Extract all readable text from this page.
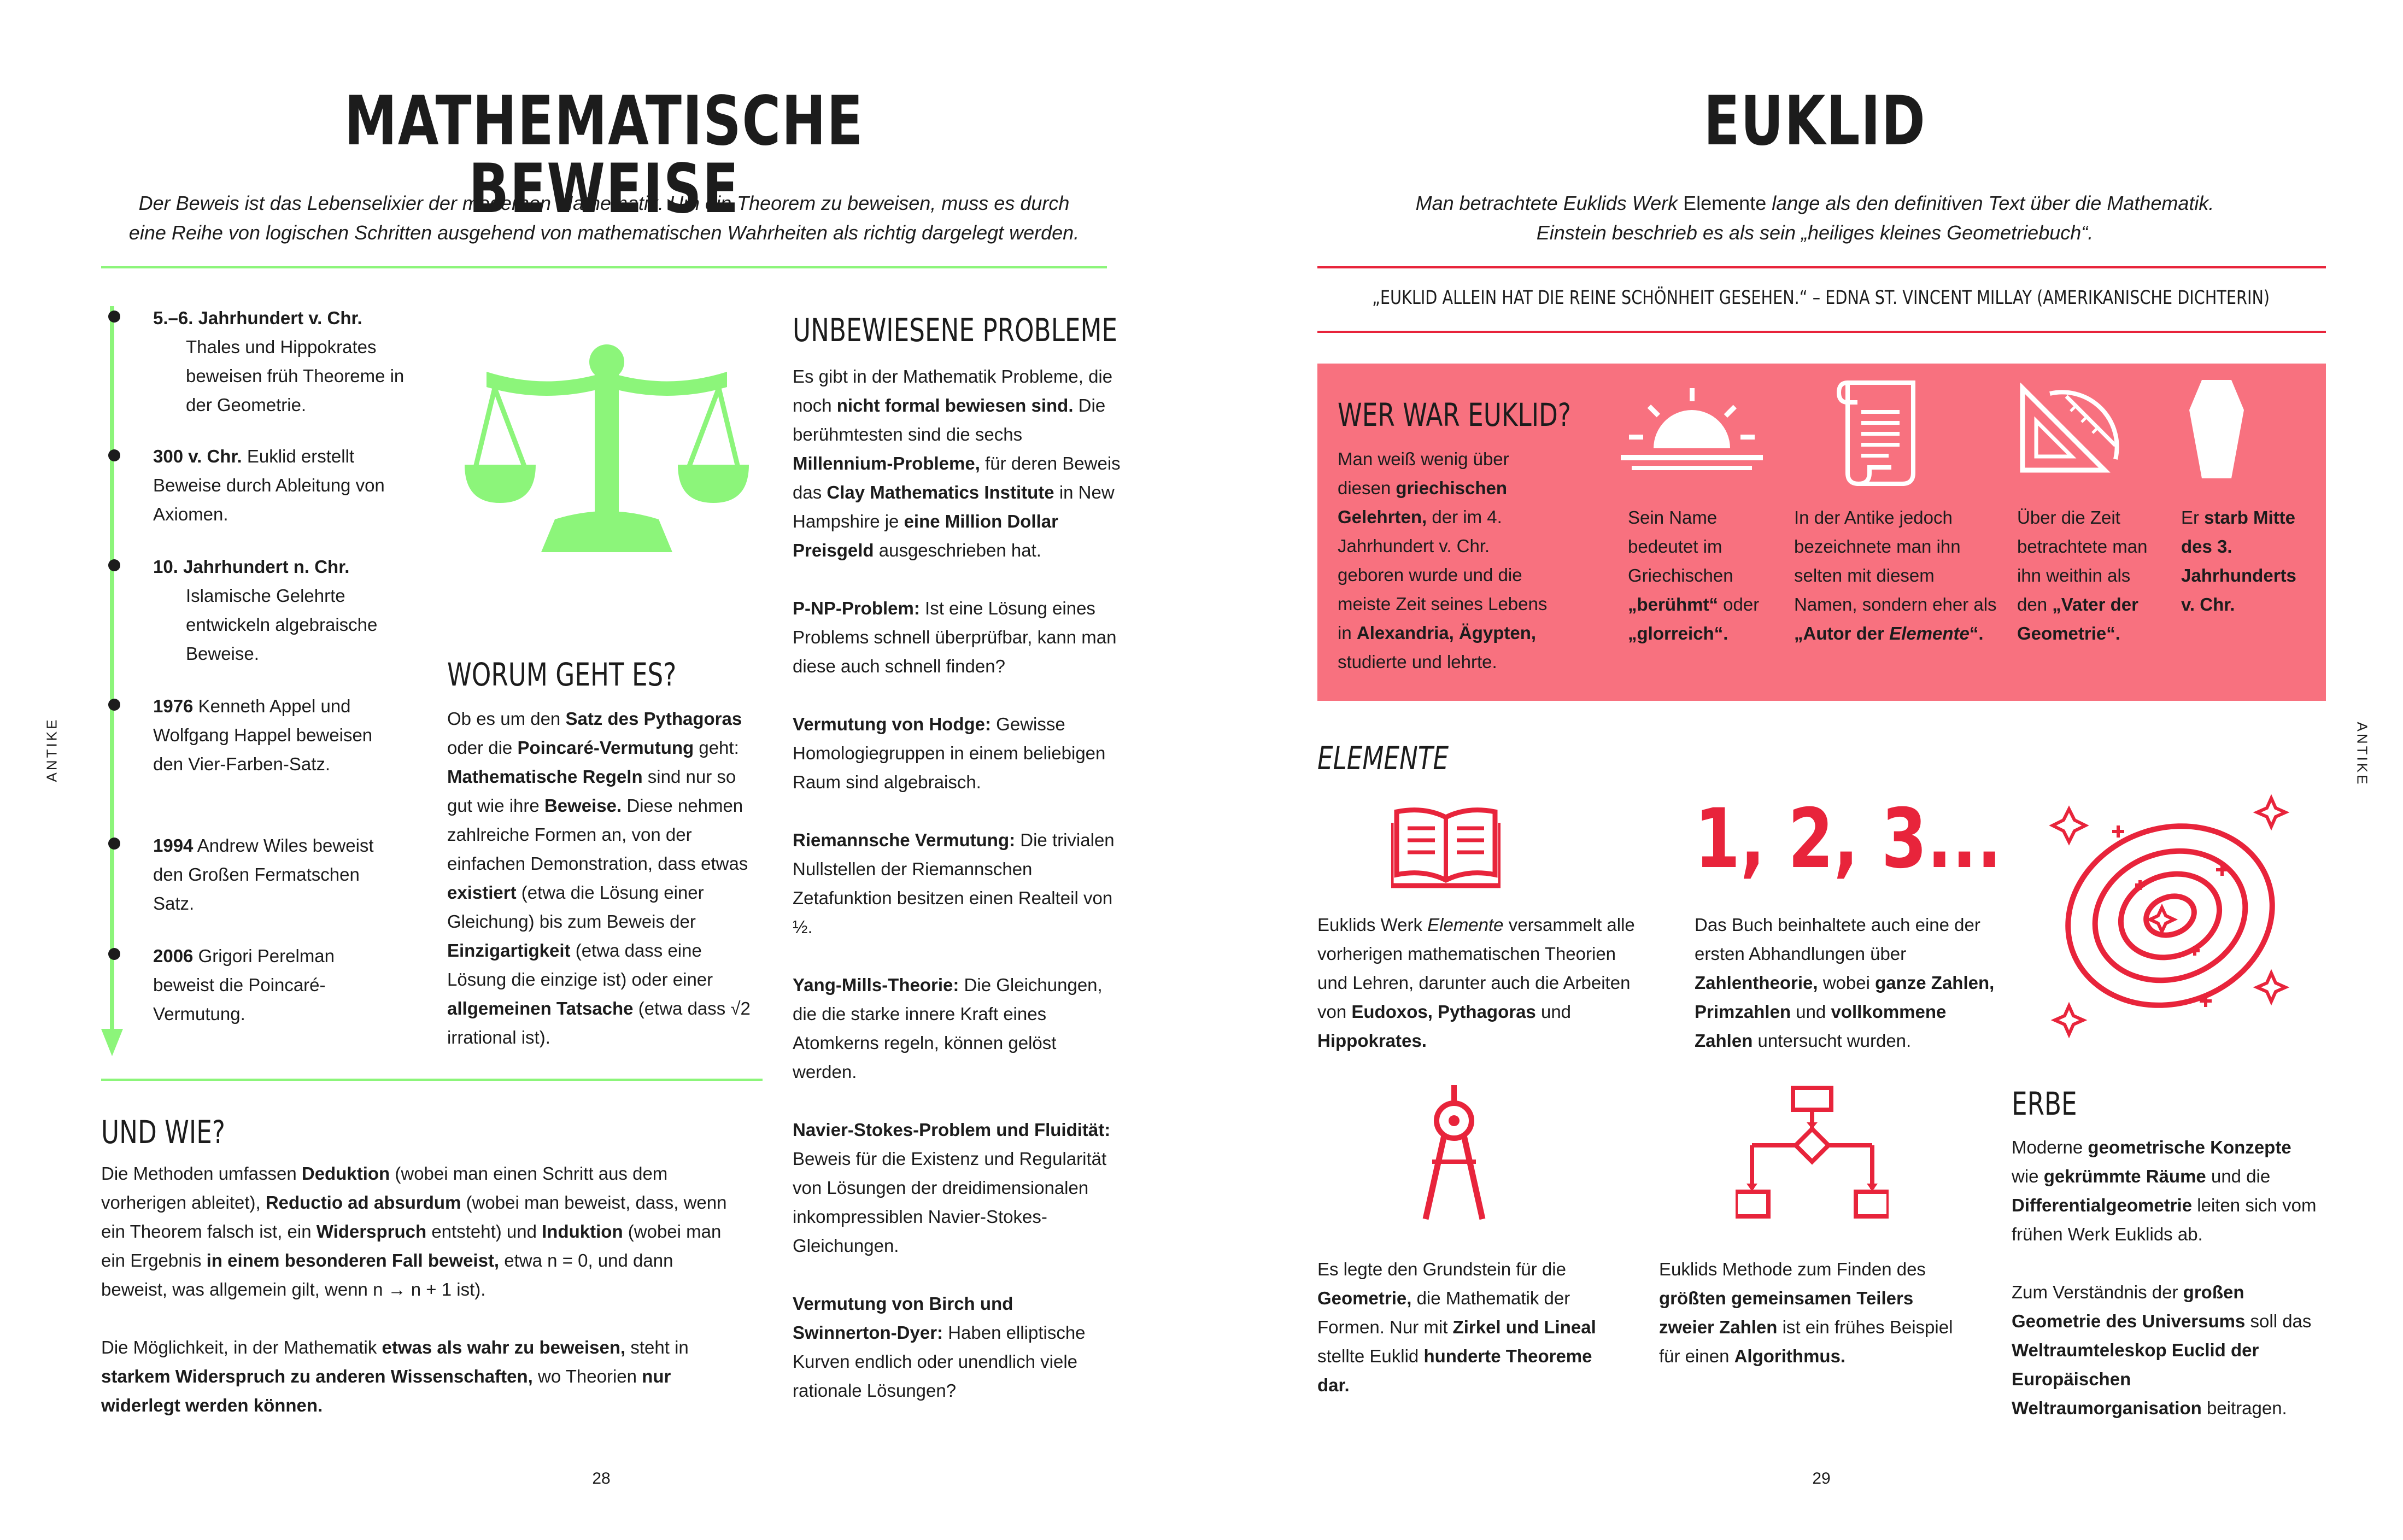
MATHEMATISCHE BEWEISE
Der Beweis ist das Lebenselixier der modernen Mathematik. Um ein Theorem zu beweisen, muss es durch
eine Reihe von logischen Schritten ausgehend von mathematischen Wahrheiten als richtig dargelegt werden.
5.–6. Jahrhundert v. Chr.
Thales und Hippokrates beweisen früh Theoreme in der Geometrie.
300 v. Chr. Euklid erstellt Beweise durch Ableitung von Axiomen.
10. Jahrhundert n. Chr.
Islamische Gelehrte entwickeln algebraische Beweise.
1976 Kenneth Appel und Wolfgang Happel beweisen den Vier-Farben-Satz.
1994 Andrew Wiles beweist den Großen Fermatschen Satz.
2006 Grigori Perelman beweist die Poincaré-Vermutung.
WORUM GEHT ES?
Ob es um den Satz des Pythagoras oder die Poincaré-Vermutung geht: Mathematische Regeln sind nur so gut wie ihre Beweise. Diese nehmen zahlreiche Formen an, von der einfachen Demonstration, dass etwas existiert (etwa die Lösung einer Gleichung) bis zum Beweis der Einzigartigkeit (etwa dass eine Lösung die einzige ist) oder einer allgemeinen Tatsache (etwa dass √2 irrational ist).
UND WIE?

Die Methoden umfassen Deduktion (wobei man einen Schritt aus dem vorherigen ableitet), Reductio ad absurdum (wobei man beweist, dass, wenn ein Theorem falsch ist, ein Widerspruch entsteht) und Induktion (wobei man ein Ergebnis in einem besonderen Fall beweist, etwa n = 0, und dann beweist, was allgemein gilt, wenn n → n + 1 ist).

Die Möglichkeit, in der Mathematik etwas als wahr zu beweisen, steht in starkem Widerspruch zu anderen Wissenschaften, wo Theorien nur widerlegt werden können.

UNBEWIESENE PROBLEME

Es gibt in der Mathematik Probleme, die noch nicht formal bewiesen sind. Die berühmtesten sind die sechs Millennium-Probleme, für deren Beweis das Clay Mathematics Institute in New Hampshire je eine Million Dollar Preisgeld ausgeschrieben hat.

P-NP-Problem: Ist eine Lösung eines Problems schnell überprüfbar, kann man diese auch schnell finden?

Vermutung von Hodge: Gewisse Homologiegruppen in einem beliebigen Raum sind algebraisch.

Riemannsche Vermutung: Die trivialen Nullstellen der Riemannschen Zetafunktion besitzen einen Realteil von ½.

Yang-Mills-Theorie: Die Gleichungen, die die starke innere Kraft eines Atomkerns regeln, können gelöst werden.

Navier-Stokes-Problem und Fluidität: Beweis für die Existenz und Regularität von Lösungen der dreidimensionalen inkompressiblen Navier-Stokes-Gleichungen.

Vermutung von Birch und Swinnerton-Dyer: Haben elliptische Kurven endlich oder unendlich viele rationale Lösungen?

ANTIKE
28
EUKLID
Man betrachtete Euklids Werk Elemente lange als den definitiven Text über die Mathematik.
Einstein beschrieb es als sein „heiliges kleines Geometriebuch“.
„EUKLID ALLEIN HAT DIE REINE SCHÖNHEIT GESEHEN.“ – EDNA ST. VINCENT MILLAY (AMERIKANISCHE DICHTERIN)
WER WAR EUKLID?
Man weiß wenig über diesen griechischen Gelehrten, der im 4. Jahrhundert v. Chr. geboren wurde und die meiste Zeit seines Lebens in Alexandria, Ägypten, studierte und lehrte.
Sein Name bedeutet im Griechischen „berühmt“ oder „glorreich“.
In der Antike jedoch bezeichnete man ihn selten mit diesem Namen, sondern eher als „Autor der Elemente“.
Über die Zeit betrachtete man ihn weithin als den „Vater der Geometrie“.
Er starb Mitte des 3. Jahrhunderts v. Chr.
ELEMENTE
Euklids Werk Elemente versammelt alle vorherigen mathematischen Theorien und Lehren, darunter auch die Arbeiten von Eudoxos, Pythagoras und Hippokrates.
1, 2, 3...
Das Buch beinhaltete auch eine der ersten Abhandlungen über Zahlentheorie, wobei ganze Zahlen, Primzahlen und vollkommene Zahlen untersucht wurden.
Es legte den Grundstein für die Geometrie, die Mathematik der Formen. Nur mit Zirkel und Lineal stellte Euklid hunderte Theoreme dar.
Euklids Methode zum Finden des größten gemeinsamen Teilers zweier Zahlen ist ein frühes Beispiel für einen Algorithmus.
ERBE

Moderne geometrische Konzepte wie gekrümmte Räume und die Differentialgeometrie leiten sich vom frühen Werk Euklids ab.

Zum Verständnis der großen Geometrie des Universums soll das Weltraumteleskop Euclid der Europäischen Weltraumorganisation beitragen.

ANTIKE
29
